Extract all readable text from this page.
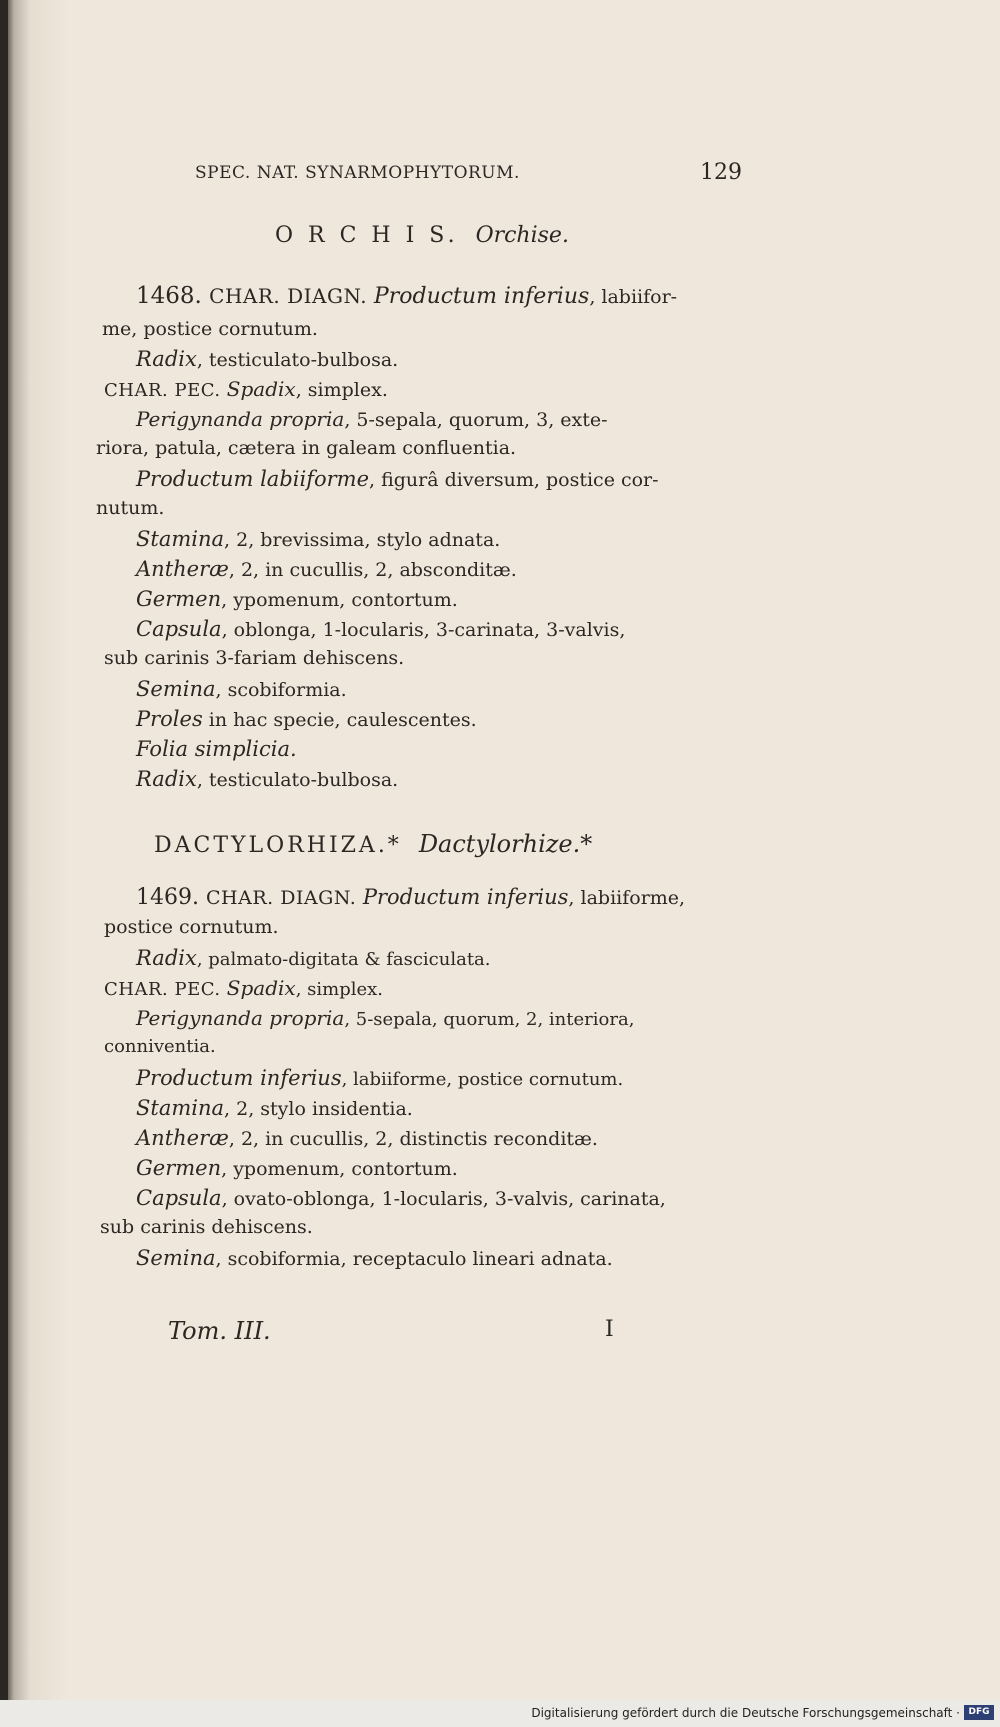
SPEC. NAT. SYNARMOPHYTORUM.	129
O R C H I S. Orchise.
1468. CHAR. DIAGN. Productum inferius, labiifor-
me, postice cornutum.
Radix, testiculato-bulbosa.
CHAR. PEC. Spadix, simplex.
Perigynanda propria, 5-sepala, quorum, 3, exte-
riora, patula, cætera in galeam confluentia.
Productum labiiforme, figurâ diversum, postice cor-
nutum.
Stamina, 2, brevissima, stylo adnata.
Antheræ, 2, in cucullis, 2, absconditæ.
Germen, ypomenum, contortum.
Capsula, oblonga, 1-locularis, 3-carinata, 3-valvis,
sub carinis 3-fariam dehiscens.
Semina, scobiformia.
Proles in hac specie, caulescentes.
Folia simplicia.
Radix, testiculato-bulbosa.
DACTYLORHIZA.* Dactylorhize.*
1469. CHAR. DIAGN. Productum inferius, labiiforme,
postice cornutum.
Radix, palmato-digitata & fasciculata.
CHAR. PEC. Spadix, simplex.
Perigynanda propria, 5-sepala, quorum, 2, interiora,
conniventia.
Productum inferius, labiiforme, postice cornutum.
Stamina, 2, stylo insidentia.
Antheræ, 2, in cucullis, 2, distinctis reconditæ.
Germen, ypomenum, contortum.
Capsula, ovato-oblonga, 1-locularis, 3-valvis, carinata,
sub carinis dehiscens.
Semina, scobiformia, receptaculo lineari adnata.
Tom. III.	I
Digitalisierung gefördert durch die Deutsche Forschungsgemeinschaft · DFG
